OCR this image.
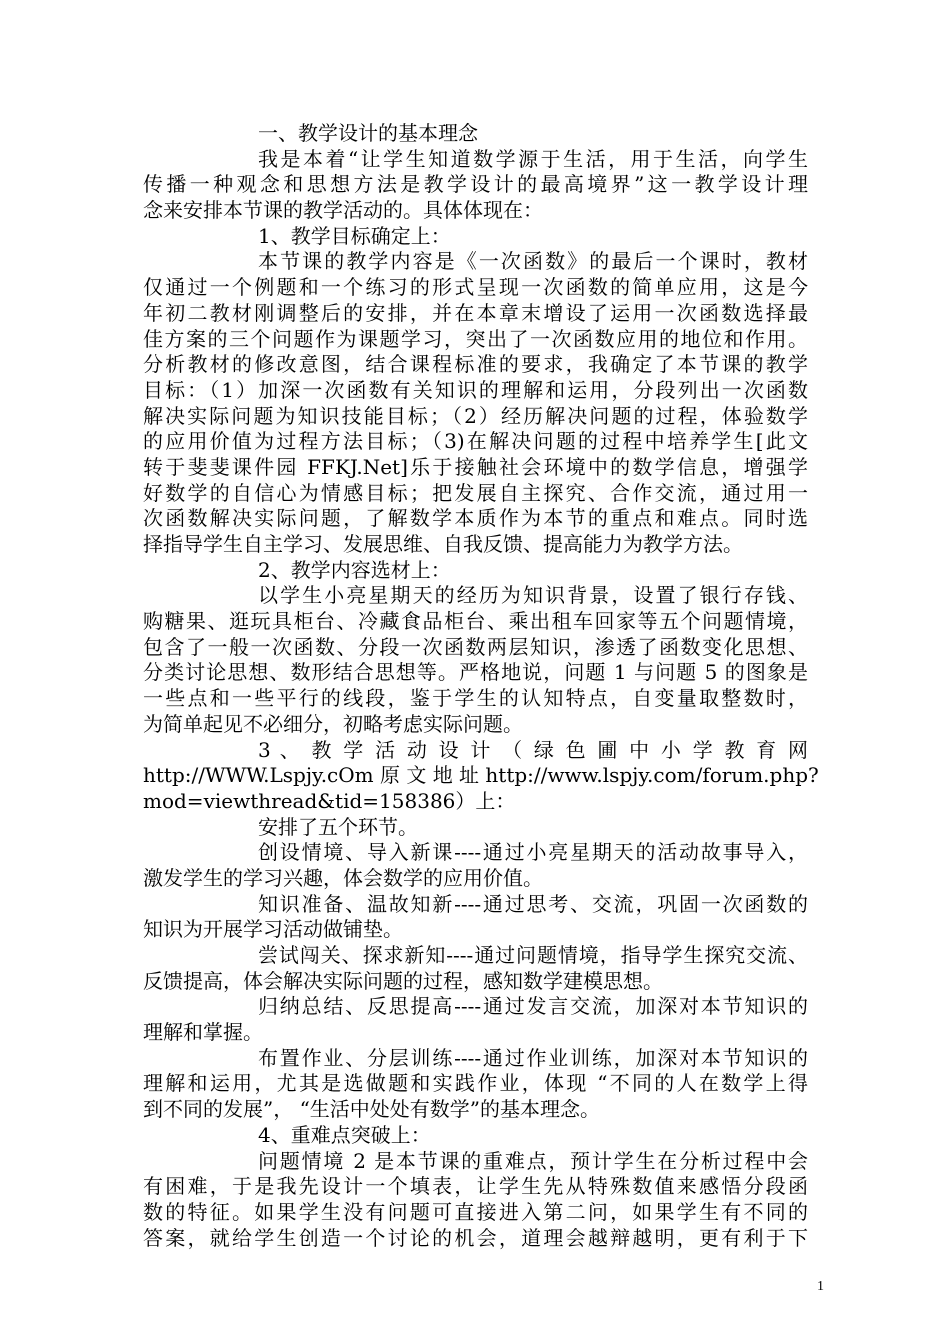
一、教学设计的基本理念
我是本着“让学生知道数学源于生活，用于生活，向学生
传播一种观念和思想方法是教学设计的最高境界”这一教学设计理
念来安排本节课的教学活动的。具体体现在：
1、教学目标确定上：
本节课的教学内容是《一次函数》的最后一个课时，教材
仅通过一个例题和一个练习的形式呈现一次函数的简单应用，这是今
年初二教材刚调整后的安排，并在本章末增设了运用一次函数选择最
佳方案的三个问题作为课题学习，突出了一次函数应用的地位和作用。
分析教材的修改意图，结合课程标准的要求，我确定了本节课的教学
目标：（1）加深一次函数有关知识的理解和运用，分段列出一次函数
解决实际问题为知识技能目标；（2）经历解决问题的过程，体验数学
的应用价值为过程方法目标；（3)在解决问题的过程中培养学生[此文
转于斐斐课件园 FFKJ.Net]乐于接触社会环境中的数学信息，增强学
好数学的自信心为情感目标；把发展自主探究、合作交流，通过用一
次函数解决实际问题，了解数学本质作为本节的重点和难点。同时选
择指导学生自主学习、发展思维、自我反馈、提高能力为教学方法。
2、教学内容选材上：
以学生小亮星期天的经历为知识背景，设置了银行存钱、
购糖果、逛玩具柜台、冷藏食品柜台、乘出租车回家等五个问题情境，
包含了一般一次函数、分段一次函数两层知识，渗透了函数变化思想、
分类讨论思想、数形结合思想等。严格地说，问题 1 与问题 5 的图象是
一些点和一些平行的线段，鉴于学生的认知特点，自变量取整数时，
为简单起见不必细分，初略考虑实际问题。
3 、 教 学 活 动 设 计 （ 绿 色 圃 中 小 学 教 育 网
http://WWW.Lspjy.cOm 原 文 地 址 http://www.lspjy.com/forum.php?
mod=viewthread&tid=158386）上：
安排了五个环节。
创设情境、导入新课----通过小亮星期天的活动故事导入，
激发学生的学习兴趣，体会数学的应用价值。
知识准备、温故知新----通过思考、交流，巩固一次函数的
知识为开展学习活动做铺垫。
尝试闯关、探求新知----通过问题情境，指导学生探究交流、
反馈提高，体会解决实际问题的过程，感知数学建模思想。
归纳总结、反思提高----通过发言交流，加深对本节知识的
理解和掌握。
布置作业、分层训练----通过作业训练，加深对本节知识的
理解和运用，尤其是选做题和实践作业，体现 “不同的人在数学上得
到不同的发展”， “生活中处处有数学”的基本理念。
4、重难点突破上：
问题情境 2 是本节课的重难点，预计学生在分析过程中会
有困难，于是我先设计一个填表，让学生先从特殊数值来感悟分段函
数的特征。如果学生没有问题可直接进入第二问，如果学生有不同的
答案，就给学生创造一个讨论的机会，道理会越辩越明，更有利于下
1
